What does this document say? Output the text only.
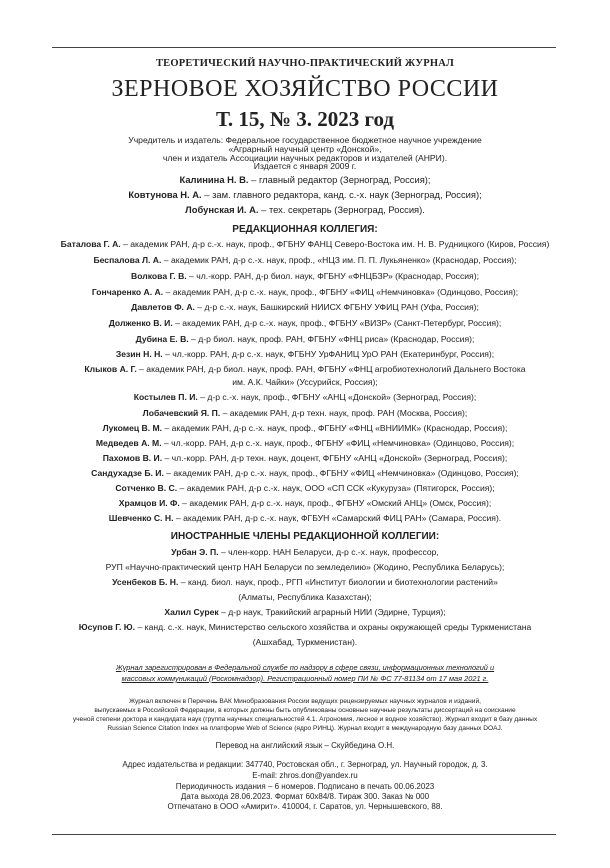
ТЕОРЕТИЧЕСКИЙ НАУЧНО-ПРАКТИЧЕСКИЙ ЖУРНАЛ
ЗЕРНОВОЕ ХОЗЯЙСТВО РОССИИ
Т. 15, № 3. 2023 год
Учредитель и издатель: Федеральное государственное бюджетное научное учреждение
«Аграрный научный центр «Донской»,
член и издатель Ассоциации научных редакторов и издателей (АНРИ).
Издается с января 2009 г.
Калинина Н. В. – главный редактор (Зерноград, Россия);
Ковтунова Н. А. – зам. главного редактора, канд. с.-х. наук (Зерноград, Россия);
Лобунская И. А. – тех. секретарь (Зерноград, Россия).
РЕДАКЦИОННАЯ КОЛЛЕГИЯ:
Баталова Г. А. – академик РАН, д-р с.-х. наук, проф., ФГБНУ ФАНЦ Северо-Востока им. Н. В. Рудницкого (Киров, Россия)
Беспалова Л. А. – академик РАН, д-р с.-х. наук, проф., «НЦЗ им. П. П. Лукьяненко» (Краснодар, Россия);
Волкова Г. В. – чл.-корр. РАН, д-р биол. наук, ФГБНУ «ФНЦБЗР» (Краснодар, Россия);
Гончаренко А. А. – академик РАН, д-р с.-х. наук, проф., ФГБНУ «ФИЦ «Немчиновка» (Одинцово, Россия);
Давлетов Ф. А. – д-р с.-х. наук, Башкирский НИИСХ ФГБНУ УФИЦ РАН (Уфа, Россия);
Долженко В. И. – академик РАН, д-р с.-х. наук, проф., ФГБНУ «ВИЗР» (Санкт-Петербург, Россия);
Дубина Е. В. – д-р биол. наук, проф. РАН, ФГБНУ «ФНЦ риса» (Краснодар, Россия);
Зезин Н. Н. – чл.-корр. РАН, д-р с.-х. наук, ФГБНУ УрФАНИЦ УрО РАН (Екатеринбург, Россия);
Клыков А. Г. – академик РАН, д-р биол. наук, проф. РАН, ФГБНУ «ФНЦ агробиотехнологий Дальнего Востока
им. А.К. Чайки» (Уссурийск, Россия);
Костылев П. И. – д-р с.-х. наук, проф., ФГБНУ «АНЦ «Донской» (Зерноград, Россия);
Лобачевский Я. П. – академик РАН, д-р техн. наук, проф. РАН (Москва, Россия);
Лукомец В. М. – академик РАН, д-р с.-х. наук, проф., ФГБНУ «ФНЦ «ВНИИМК» (Краснодар, Россия);
Медведев А. М. – чл.-корр. РАН, д-р с.-х. наук, проф., ФГБНУ «ФИЦ «Немчиновка» (Одинцово, Россия);
Пахомов В. И. – чл.-корр. РАН, д-р техн. наук, доцент, ФГБНУ «АНЦ «Донской» (Зерноград, Россия);
Сандухадзе Б. И. – академик РАН, д-р с.-х. наук, проф., ФГБНУ «ФИЦ «Немчиновка» (Одинцово, Россия);
Сотченко В. С. – академик РАН, д-р с.-х. наук, ООО «СП ССК «Кукуруза» (Пятигорск, Россия);
Храмцов И. Ф. – академик РАН, д-р с.-х. наук, проф., ФГБНУ «Омский АНЦ» (Омск, Россия);
Шевченко С. Н. – академик РАН, д-р с.-х. наук, ФГБУН «Самарский ФИЦ РАН» (Самара, Россия).
ИНОСТРАННЫЕ ЧЛЕНЫ РЕДАКЦИОННОЙ КОЛЛЕГИИ:
Урбан Э. П. – член-корр. НАН Беларуси, д-р с.-х. наук, профессор,
РУП «Научно-практический центр НАН Беларуси по земледелию» (Жодино, Республика Беларусь);
Усенбеков Б. Н. – канд. биол. наук, проф., РГП «Институт биологии и биотехнологии растений»
(Алматы, Республика Казахстан);
Халил Сурек – д-р наук, Тракийский аграрный НИИ (Эдирне, Турция);
Юсупов Г. Ю. – канд. с.-х. наук, Министерство сельского хозяйства и охраны окружающей среды Туркменистана
(Ашхабад, Туркменистан).
Журнал зарегистрирован в Федеральной службе по надзору в сфере связи, информационных технологий и
массовых коммуникаций (Роскомнадзор). Регистрационный номер ПИ № ФС 77-81134 от 17 мая 2021 г.
Журнал включен в Перечень ВАК Минобразования России ведущих рецензируемых научных журналов и изданий,
выпускаемых в Российской Федерации, в которых должны быть опубликованы основные научные результаты диссертаций на соискание
ученой степени доктора и кандидата наук (группа научных специальностей 4.1. Агрономия, лесное и водное хозяйство). Журнал входит в базу данных
Russian Science Citation Index на платформе Web of Science (ядро РИНЦ). Журнал входит в международную базу данных DOAJ.
Перевод на английский язык – Скуйбедина О.Н.
Адрес издательства и редакции: 347740, Ростовская обл., г. Зерноград, ул. Научный городок, д. 3.
E-mail: zhros.don@yandex.ru
Периодичность издания – 6 номеров. Подписано в печать 00.06.2023
Дата выхода 28.06.2023. Формат 60х84/8. Тираж 300. Заказ № 000
Отпечатано в ООО «Амирит». 410004, г. Саратов, ул. Чернышевского, 88.
